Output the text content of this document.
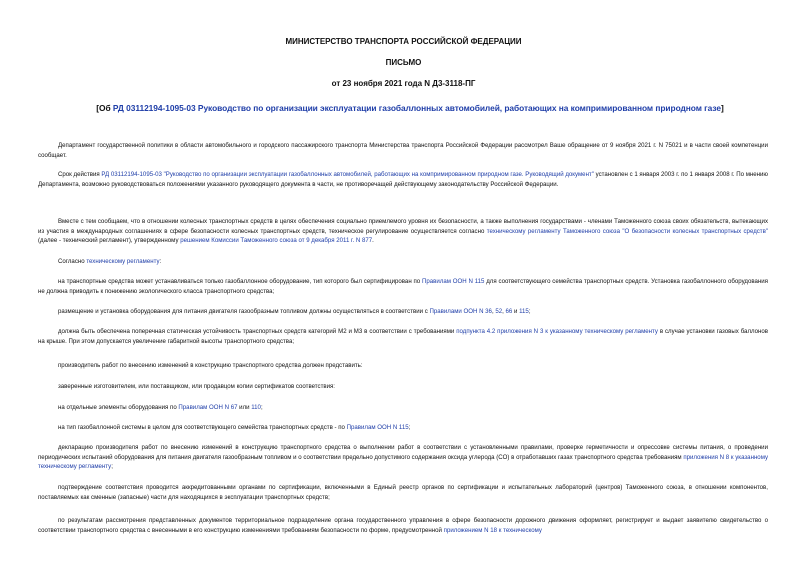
МИНИСТЕРСТВО ТРАНСПОРТА РОССИЙСКОЙ ФЕДЕРАЦИИ
ПИСЬМО
от 23 ноября 2021 года N Д3-3118-ПГ
[Об РД 03112194-1095-03 Руководство по организации эксплуатации газобаллонных автомобилей, работающих на компримированном природном газе]
Департамент государственной политики в области автомобильного и городского пассажирского транспорта Министерства транспорта Российской Федерации рассмотрел Ваше обращение от 9 ноября 2021 г. N 75021 и в части своей компетенции сообщает.
Срок действия РД 03112194-1095-03 "Руководство по организации эксплуатации газобаллонных автомобилей, работающих на компримированном природном газе. Руководящий документ" установлен с 1 января 2003 г. по 1 января 2008 г. По мнению Департамента, возможно руководствоваться положениями указанного руководящего документа в части, не противоречащей действующему законодательству Российской Федерации.
Вместе с тем сообщаем, что в отношении колесных транспортных средств в целях обеспечения социально приемлемого уровня их безопасности, а также выполнения государствами - членами Таможенного союза своих обязательств, вытекающих из участия в международных соглашениях в сфере безопасности колесных транспортных средств, техническое регулирование осуществляется согласно техническому регламенту Таможенного союза "О безопасности колесных транспортных средств" (далее - технический регламент), утвержденному решением Комиссии Таможенного союза от 9 декабря 2011 г. N 877.
Согласно техническому регламенту:
на транспортные средства может устанавливаться только газобаллонное оборудование, тип которого был сертифицирован по Правилам ООН N 115 для соответствующего семейства транспортных средств. Установка газобаллонного оборудования не должна приводить к понижению экологического класса транспортного средства;
размещение и установка оборудования для питания двигателя газообразным топливом должны осуществляться в соответствии с Правилами ООН N 36, 52, 66 и 115;
должна быть обеспечена поперечная статическая устойчивость транспортных средств категорий М2 и М3 в соответствии с требованиями подпункта 4.2 приложения N 3 к указанному техническому регламенту в случае установки газовых баллонов на крыше. При этом допускается увеличение габаритной высоты транспортного средства;
производитель работ по внесению изменений в конструкцию транспортного средства должен представить:
заверенные изготовителем, или поставщиком, или продавцом копии сертификатов соответствия:
на отдельные элементы оборудования по Правилам ООН N 67 или 110;
на тип газобаллонной системы в целом для соответствующего семейства транспортных средств - по Правилам ООН N 115;
декларацию производителя работ по внесению изменений в конструкцию транспортного средства о выполнении работ в соответствии с установленными правилами, проверке герметичности и опрессовке системы питания, о проведении периодических испытаний оборудования для питания двигателя газообразным топливом и о соответствии предельно допустимого содержания оксида углерода (CO) в отработавших газах транспортного средства требованиям приложения N 8 к указанному техническому регламенту;
подтверждение соответствия проводится аккредитованными органами по сертификации, включенными в Единый реестр органов по сертификации и испытательных лабораторий (центров) Таможенного союза, в отношении компонентов, поставляемых как сменные (запасные) части для находящихся в эксплуатации транспортных средств;
по результатам рассмотрения представленных документов территориальное подразделение органа государственного управления в сфере безопасности дорожного движения оформляет, регистрирует и выдает заявителю свидетельство о соответствии транспортного средства с внесенными в его конструкцию изменениями требованиям безопасности по форме, предусмотренной приложением N 18 к техническому
